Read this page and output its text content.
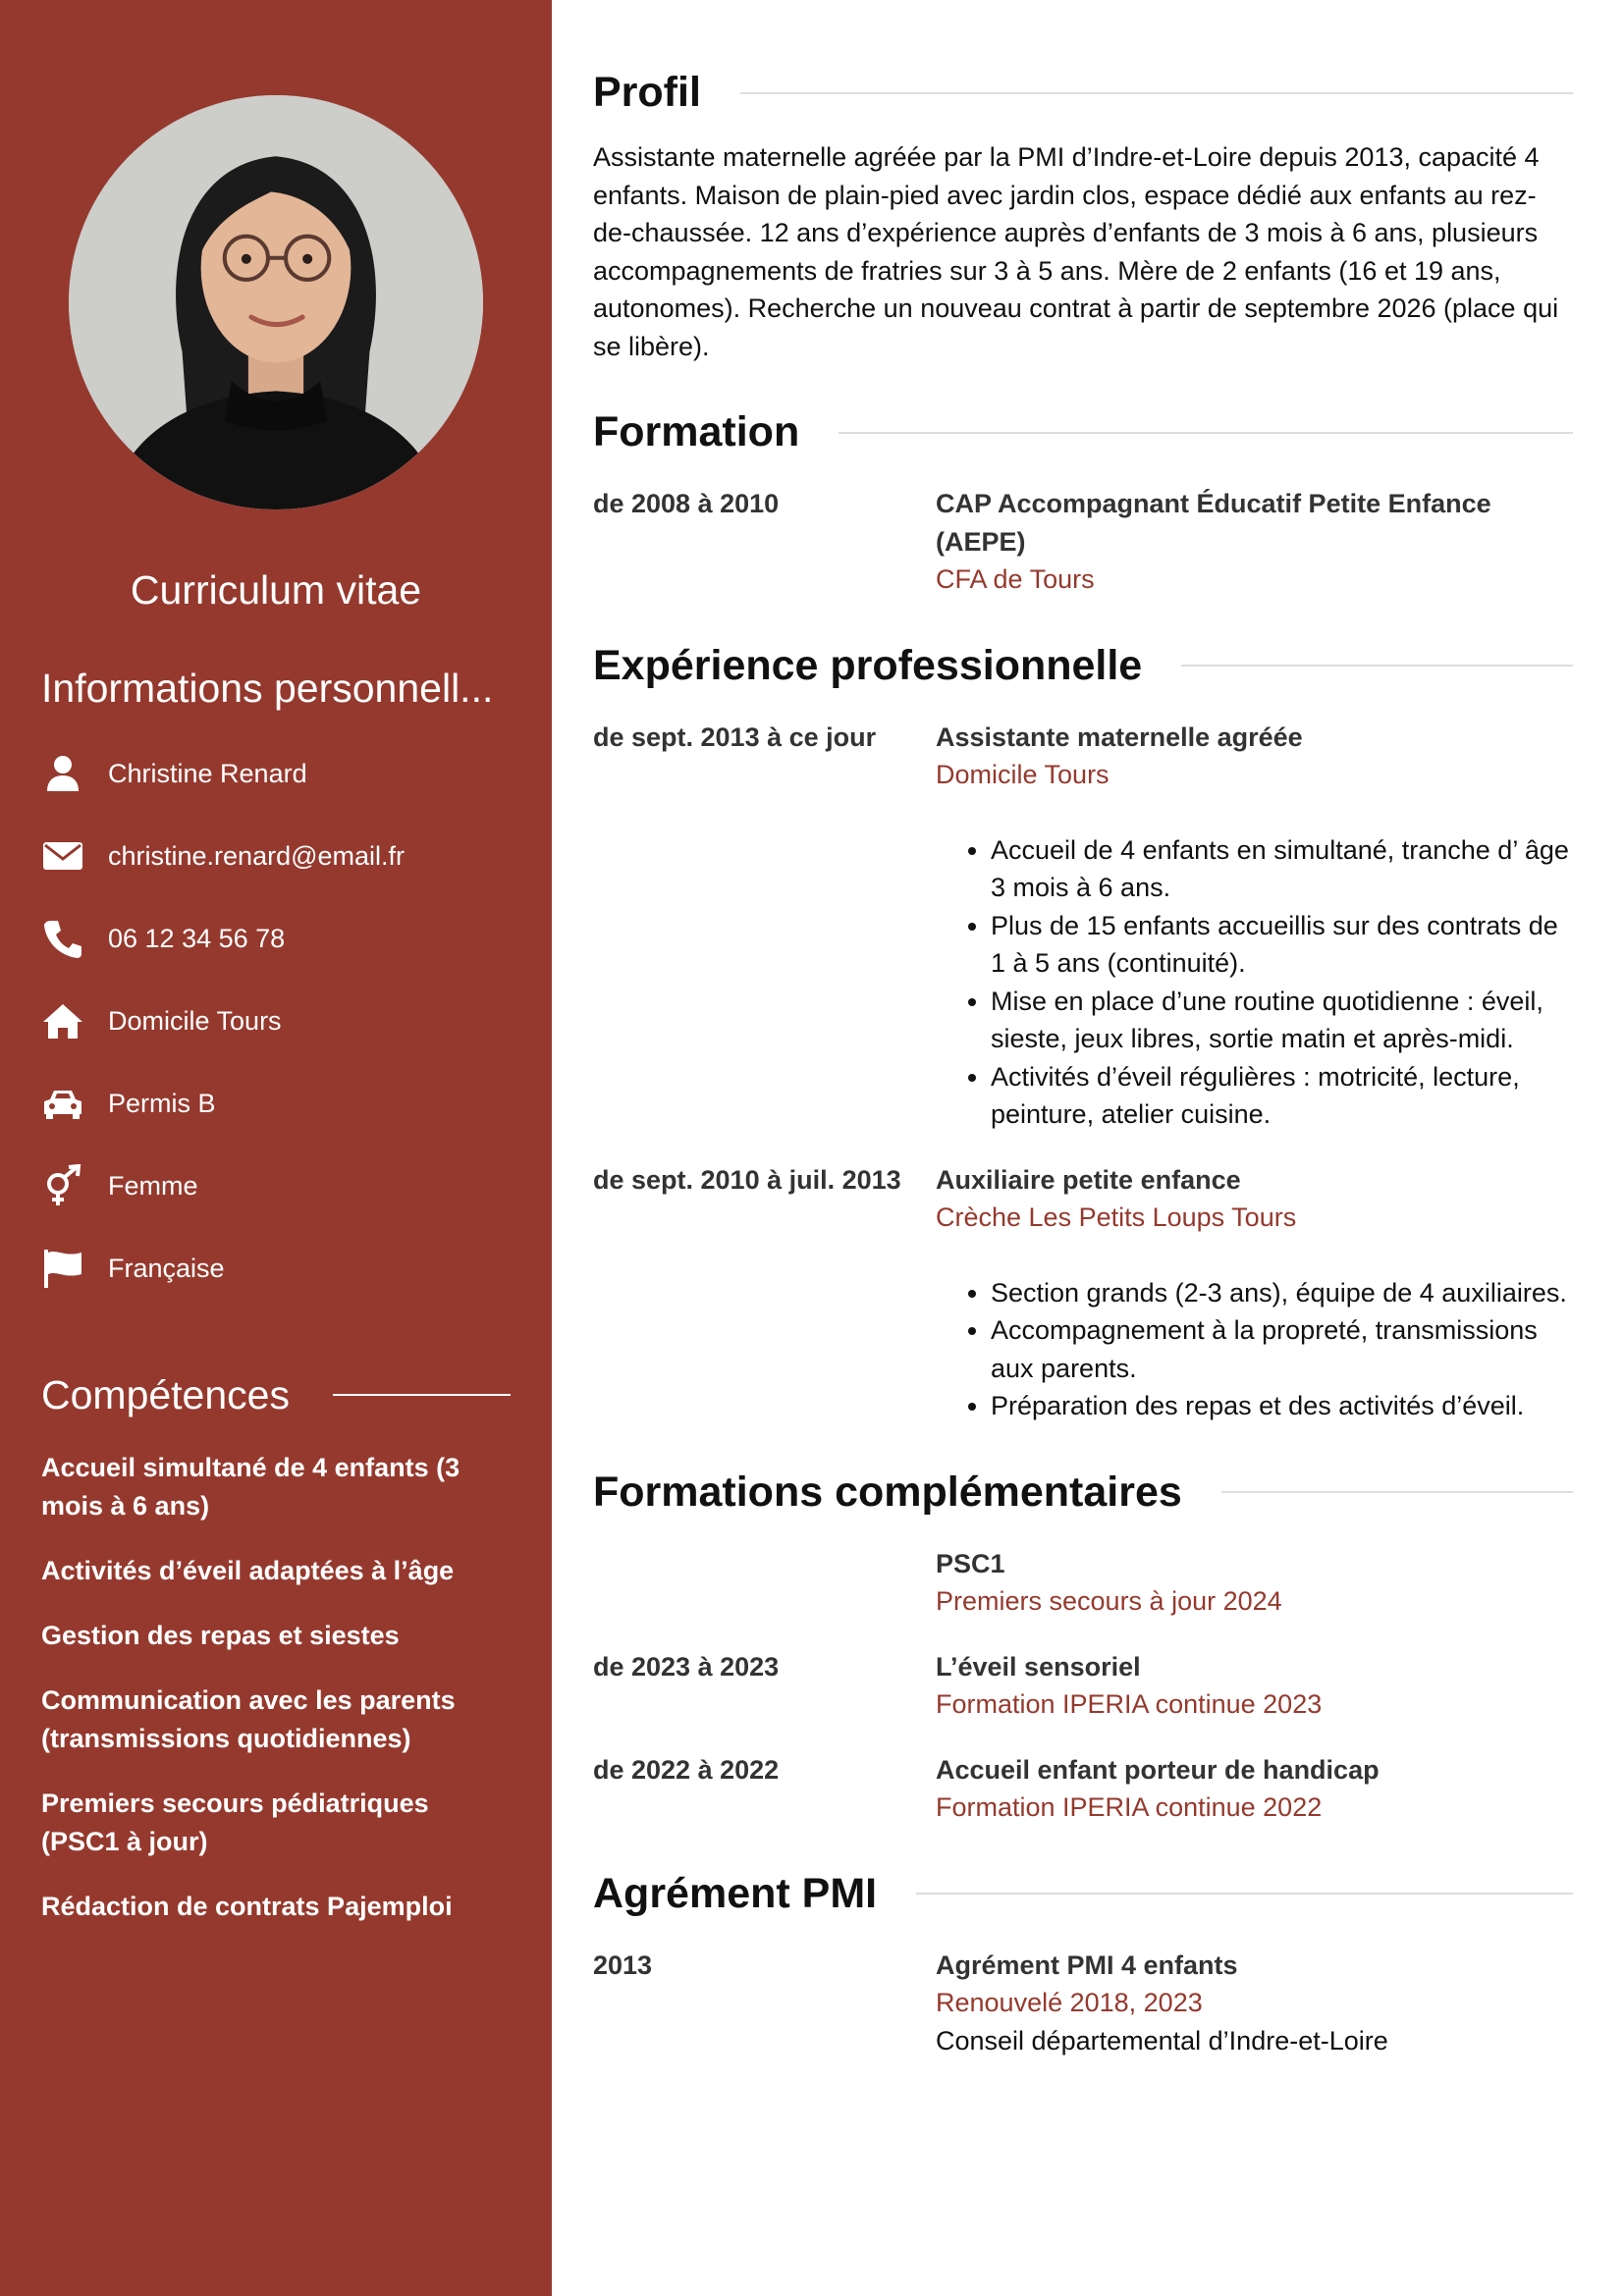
Curriculum vitae
Informations personnell...
Christine Renard
christine.renard@email.fr
06 12 34 56 78
Domicile Tours
Permis B
Femme
Française
Compétences
Accueil simultané de 4 enfants (3 mois à 6 ans)
Activités d’éveil adaptées à l’âge
Gestion des repas et siestes
Communication avec les parents (transmissions quotidiennes)
Premiers secours pédiatriques (PSC1 à jour)
Rédaction de contrats Pajemploi
Profil
Assistante maternelle agréée par la PMI d’Indre-et-Loire depuis 2013, capacité 4 enfants. Maison de plain-pied avec jardin clos, espace dédié aux enfants au rez-de-chaussée. 12 ans d’expérience auprès d’enfants de 3 mois à 6 ans, plusieurs accompagnements de fratries sur 3 à 5 ans. Mère de 2 enfants (16 et 19 ans, autonomes). Recherche un nouveau contrat à partir de septembre 2026 (place qui se libère).
Formation
de 2008 à 2010	CAP Accompagnant Éducatif Petite Enfance (AEPE)
CFA de Tours
Expérience professionnelle
de sept. 2013 à ce jour	Assistante maternelle agréée
Domicile Tours
• Accueil de 4 enfants en simultané, tranche d’ âge 3 mois à 6 ans.
• Plus de 15 enfants accueillis sur des contrats de 1 à 5 ans (continuité).
• Mise en place d’une routine quotidienne : éveil, sieste, jeux libres, sortie matin et après-midi.
• Activités d’éveil régulières : motricité, lecture, peinture, atelier cuisine.
de sept. 2010 à juil. 2013	Auxiliaire petite enfance
Crèche Les Petits Loups Tours
• Section grands (2-3 ans), équipe de 4 auxiliaires.
• Accompagnement à la propreté, transmissions aux parents.
• Préparation des repas et des activités d’éveil.
Formations complémentaires
PSC1
Premiers secours à jour 2024
de 2023 à 2023	L’éveil sensoriel
Formation IPERIA continue 2023
de 2022 à 2022	Accueil enfant porteur de handicap
Formation IPERIA continue 2022
Agrément PMI
2013	Agrément PMI 4 enfants
Renouvelé 2018, 2023
Conseil départemental d’Indre-et-Loire
